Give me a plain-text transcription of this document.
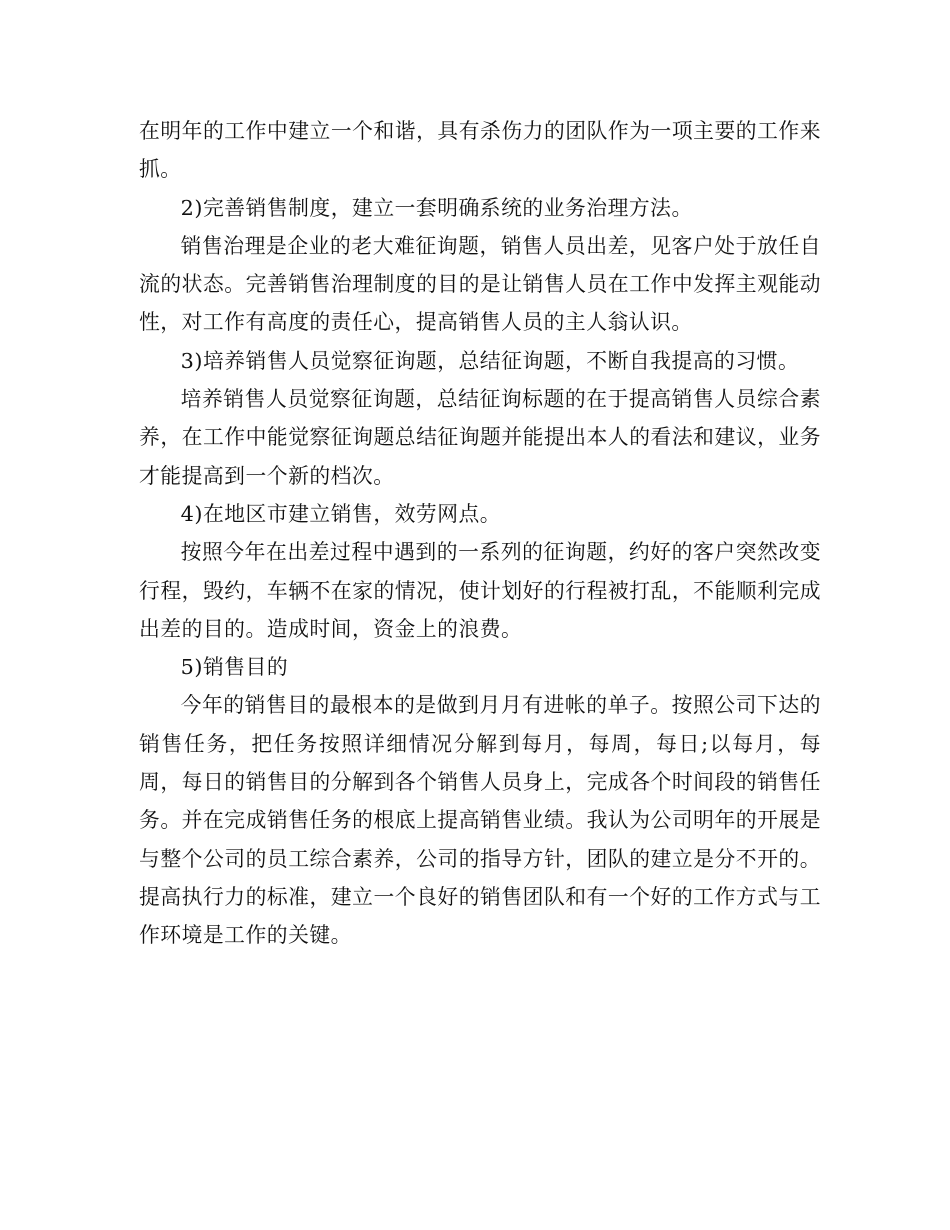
在明年的工作中建立一个和谐，具有杀伤力的团队作为一项主要的工作来抓。

2)完善销售制度，建立一套明确系统的业务治理方法。

销售治理是企业的老大难征询题，销售人员出差，见客户处于放任自流的状态。完善销售治理制度的目的是让销售人员在工作中发挥主观能动性，对工作有高度的责任心，提高销售人员的主人翁认识。

3)培养销售人员觉察征询题，总结征询题，不断自我提高的习惯。

培养销售人员觉察征询题，总结征询标题的在于提高销售人员综合素养，在工作中能觉察征询题总结征询题并能提出本人的看法和建议，业务才能提高到一个新的档次。

4)在地区市建立销售，效劳网点。

按照今年在出差过程中遇到的一系列的征询题，约好的客户突然改变行程，毁约，车辆不在家的情况，使计划好的行程被打乱，不能顺利完成出差的目的。造成时间，资金上的浪费。

5)销售目的

今年的销售目的最根本的是做到月月有进帐的单子。按照公司下达的销售任务，把任务按照详细情况分解到每月，每周，每日;以每月，每周，每日的销售目的分解到各个销售人员身上，完成各个时间段的销售任务。并在完成销售任务的根底上提高销售业绩。我认为公司明年的开展是与整个公司的员工综合素养，公司的指导方针，团队的建立是分不开的。提高执行力的标准，建立一个良好的销售团队和有一个好的工作方式与工作环境是工作的关键。
